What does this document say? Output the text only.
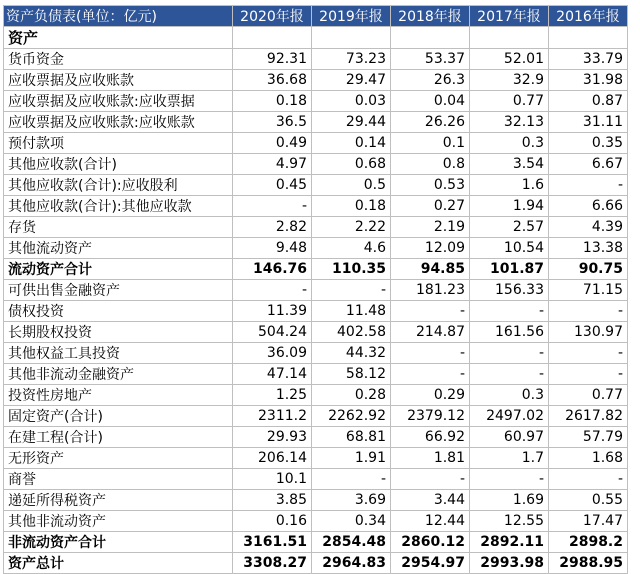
资产负债表(单位：亿元)	2020年报	2019年报	2018年报	2017年报	2016年报
资产					
货币资金	92.31	73.23	53.37	52.01	33.79
应收票据及应收账款	36.68	29.47	26.3	32.9	31.98
应收票据及应收账款:应收票据	0.18	0.03	0.04	0.77	0.87
应收票据及应收账款:应收账款	36.5	29.44	26.26	32.13	31.11
预付款项	0.49	0.14	0.1	0.3	0.35
其他应收款(合计)	4.97	0.68	0.8	3.54	6.67
其他应收款(合计):应收股利	0.45	0.5	0.53	1.6	-
其他应收款(合计):其他应收款	-	0.18	0.27	1.94	6.66
存货	2.82	2.22	2.19	2.57	4.39
其他流动资产	9.48	4.6	12.09	10.54	13.38
流动资产合计	146.76	110.35	94.85	101.87	90.75
可供出售金融资产	-	-	181.23	156.33	71.15
债权投资	11.39	11.48	-	-	-
长期股权投资	504.24	402.58	214.87	161.56	130.97
其他权益工具投资	36.09	44.32	-	-	-
其他非流动金融资产	47.14	58.12	-	-	-
投资性房地产	1.25	0.28	0.29	0.3	0.77
固定资产(合计)	2311.2	2262.92	2379.12	2497.02	2617.82
在建工程(合计)	29.93	68.81	66.92	60.97	57.79
无形资产	206.14	1.91	1.81	1.7	1.68
商誉	10.1	-	-	-	-
递延所得税资产	3.85	3.69	3.44	1.69	0.55
其他非流动资产	0.16	0.34	12.44	12.55	17.47
非流动资产合计	3161.51	2854.48	2860.12	2892.11	2898.2
资产总计	3308.27	2964.83	2954.97	2993.98	2988.95
